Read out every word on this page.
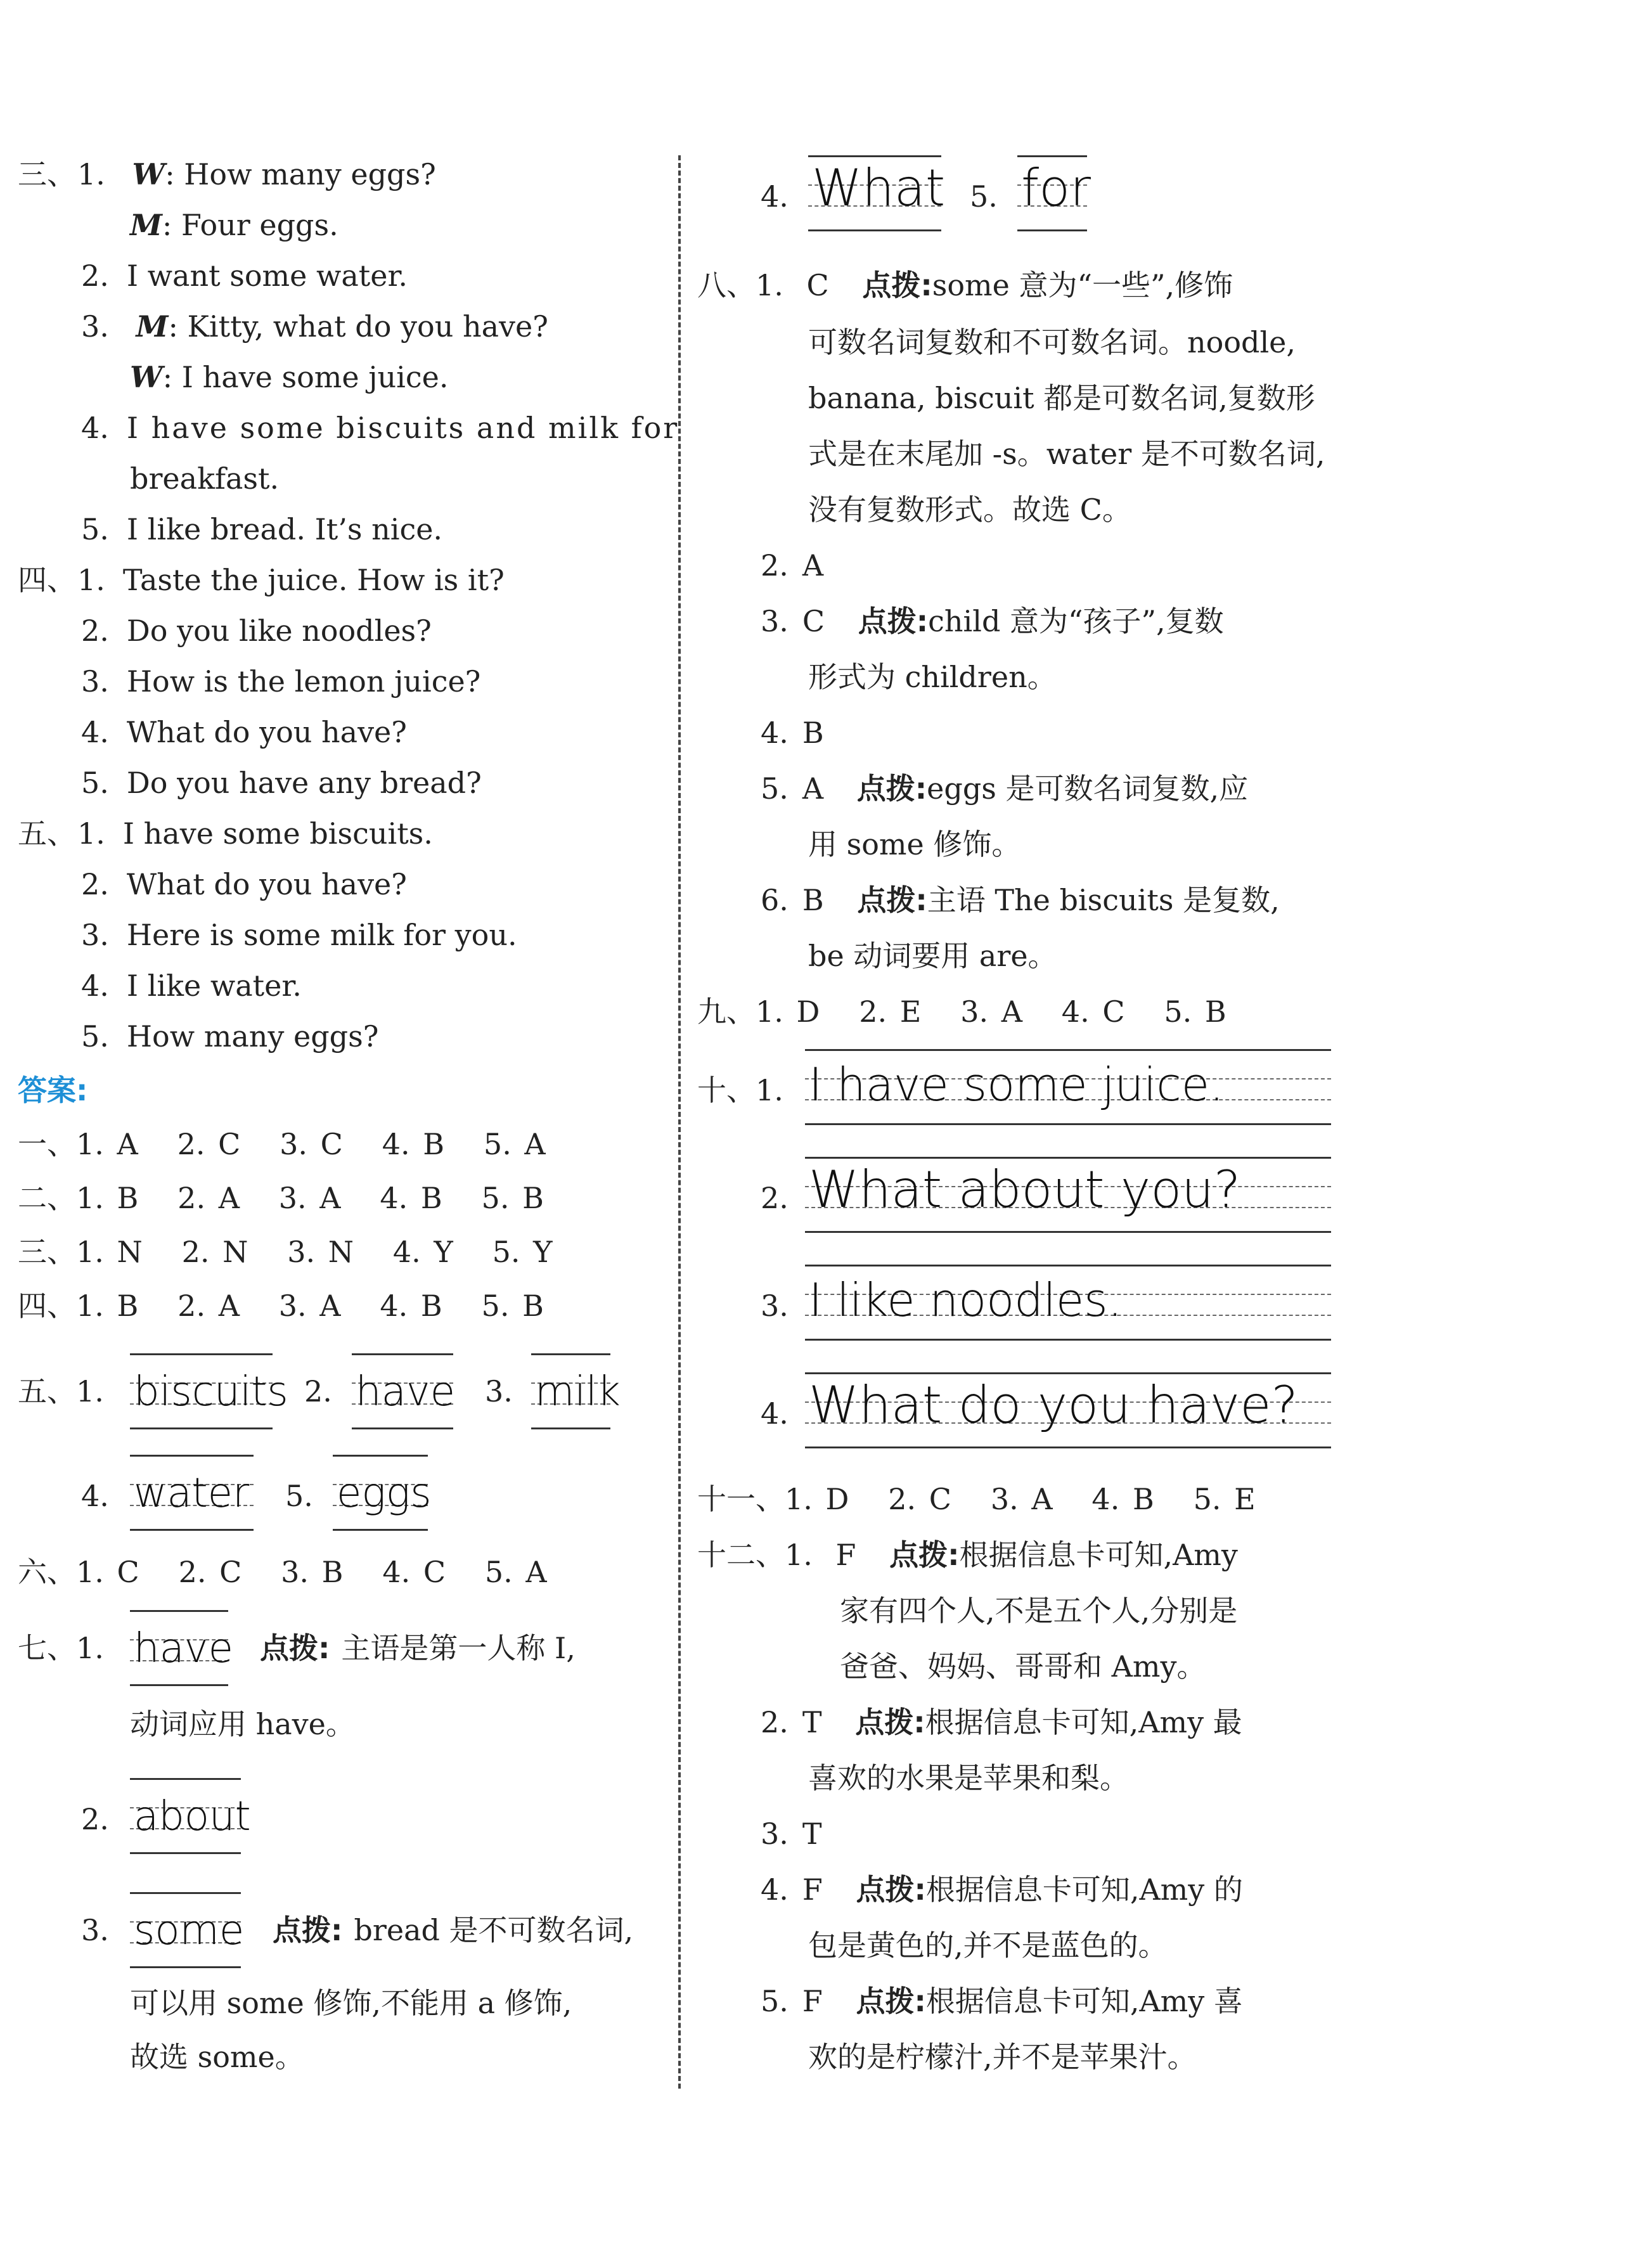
三、1. W: How many eggs?
M: Four eggs.
2. I want some water.
3. M: Kitty, what do you have?
W: I have some juice.
4. I have some biscuits and milk for
breakfast.
5. I like bread. It’s nice.
四、1. Taste the juice. How is it?
2. Do you like noodles?
3. How is the lemon juice?
4. What do you have?
5. Do you have any bread?
五、1. I have some biscuits.
2. What do you have?
3. Here is some milk for you.
4. I like water.
5. How many eggs?
答案:
一、1. A   2. C   3. C   4. B   5. A
二、1. B   2. A   3. A   4. B   5. B
三、1. N   2. N   3. N   4. Y   5. Y
四、1. B   2. A   3. A   4. B   5. B
五、1. biscuits 2. have 3. milk
4. water 5. eggs
六、1. C   2. C   3. B   4. C   5. A
七、1. have 点拨: 主语是第一人称 I,
动词应用 have。
2. about
3. some 点拨: bread 是不可数名词,
可以用 some 修饰,不能用 a 修饰,
故选 some。
4. What 5. for
八、1. C 点拨:some 意为“一些”,修饰
可数名词复数和不可数名词。noodle,
banana, biscuit 都是可数名词,复数形
式是在末尾加 -s。water 是不可数名词,
没有复数形式。故选 C。
2. A
3. C 点拨:child 意为“孩子”,复数
形式为 children。
4. B
5. A 点拨:eggs 是可数名词复数,应
用 some 修饰。
6. B 点拨:主语 The biscuits 是复数,
be 动词要用 are。
九、1. D   2. E   3. A   4. C   5. B
十、1. I have some juice.
2. What about you?
3. I like noodles.
4. What do you have?
十一、1. D   2. C   3. A   4. B   5. E
十二、1. F 点拨:根据信息卡可知,Amy
家有四个人,不是五个人,分别是
爸爸、妈妈、哥哥和 Amy。
2. T 点拨:根据信息卡可知,Amy 最
喜欢的水果是苹果和梨。
3. T
4. F 点拨:根据信息卡可知,Amy 的
包是黄色的,并不是蓝色的。
5. F 点拨:根据信息卡可知,Amy 喜
欢的是柠檬汁,并不是苹果汁。
